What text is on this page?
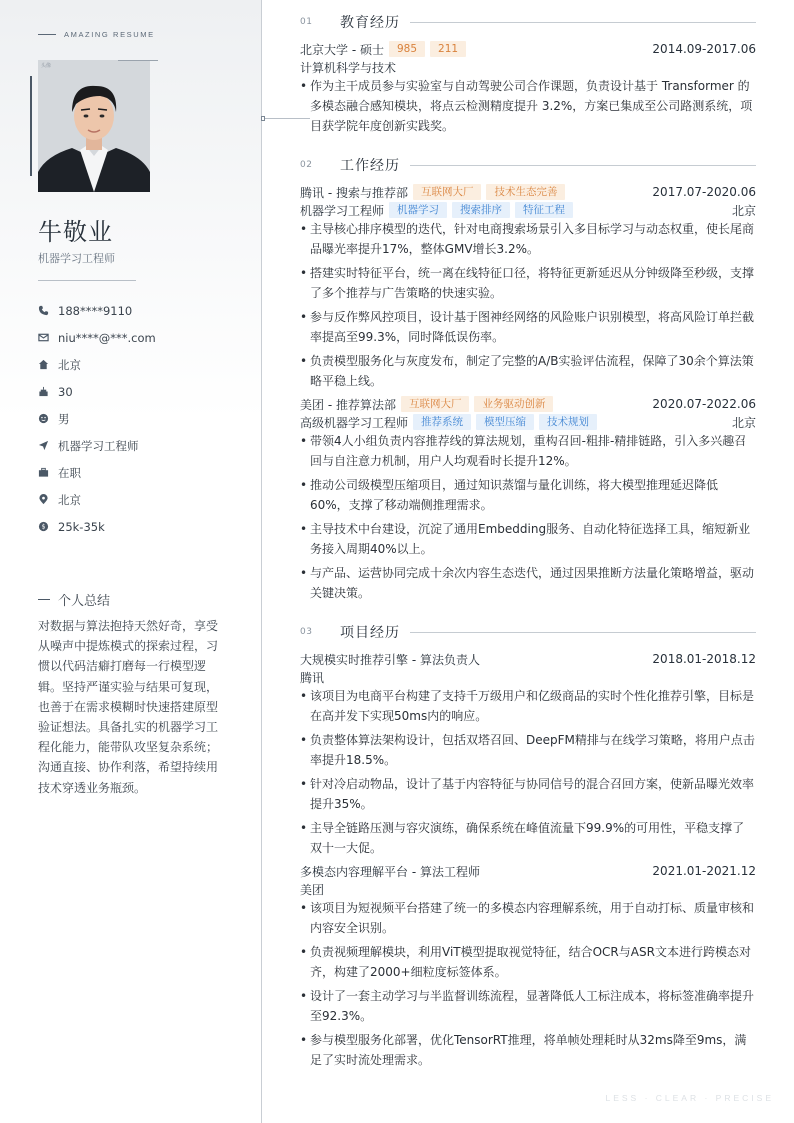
AMAZING RESUME
头像
牛敬业
机器学习工程师
188****9110
niu****@***.com
北京
30
男
机器学习工程师
在职
北京
$ 25k-35k
个人总结
对数据与算法抱持天然好奇，享受从噪声中提炼模式的探索过程，习惯以代码洁癖打磨每一行模型逻辑。坚持严谨实验与结果可复现，也善于在需求模糊时快速搭建原型验证想法。具备扎实的机器学习工程化能力，能带队攻坚复杂系统；沟通直接、协作利落，希望持续用技术穿透业务瓶颈。
01	教育经历
北京大学 - 硕士	985	211	2014.09-2017.06
计算机科学与技术
• 作为主干成员参与实验室与自动驾驶公司合作课题，负责设计基于 Transformer 的多模态融合感知模块，将点云检测精度提升 3.2%，方案已集成至公司路测系统，项目获学院年度创新实践奖。
02	工作经历
腾讯 - 搜索与推荐部	互联网大厂	技术生态完善	2017.07-2020.06
机器学习工程师	机器学习	搜索排序	特征工程	北京
• 主导核心排序模型的迭代，针对电商搜索场景引入多目标学习与动态权重，使长尾商品曝光率提升17%，整体GMV增长3.2%。
• 搭建实时特征平台，统一离在线特征口径，将特征更新延迟从分钟级降至秒级，支撑了多个推荐与广告策略的快速实验。
• 参与反作弊风控项目，设计基于图神经网络的风险账户识别模型，将高风险订单拦截率提高至99.3%，同时降低误伤率。
• 负责模型服务化与灰度发布，制定了完整的A/B实验评估流程，保障了30余个算法策略平稳上线。
美团 - 推荐算法部	互联网大厂	业务驱动创新	2020.07-2022.06
高级机器学习工程师	推荐系统	模型压缩	技术规划	北京
• 带领4人小组负责内容推荐线的算法规划，重构召回-粗排-精排链路，引入多兴趣召回与自注意力机制，用户人均观看时长提升12%。
• 推动公司级模型压缩项目，通过知识蒸馏与量化训练，将大模型推理延迟降低60%，支撑了移动端侧推理需求。
• 主导技术中台建设，沉淀了通用Embedding服务、自动化特征选择工具，缩短新业务接入周期40%以上。
• 与产品、运营协同完成十余次内容生态迭代，通过因果推断方法量化策略增益，驱动关键决策。
03	项目经历
大规模实时推荐引擎 - 算法负责人	2018.01-2018.12
腾讯
• 该项目为电商平台构建了支持千万级用户和亿级商品的实时个性化推荐引擎，目标是在高并发下实现50ms内的响应。
• 负责整体算法架构设计，包括双塔召回、DeepFM精排与在线学习策略，将用户点击率提升18.5%。
• 针对冷启动物品，设计了基于内容特征与协同信号的混合召回方案，使新品曝光效率提升35%。
• 主导全链路压测与容灾演练，确保系统在峰值流量下99.9%的可用性，平稳支撑了双十一大促。
多模态内容理解平台 - 算法工程师	2021.01-2021.12
美团
• 该项目为短视频平台搭建了统一的多模态内容理解系统，用于自动打标、质量审核和内容安全识别。
• 负责视频理解模块，利用ViT模型提取视觉特征，结合OCR与ASR文本进行跨模态对齐，构建了2000+细粒度标签体系。
• 设计了一套主动学习与半监督训练流程，显著降低人工标注成本，将标签准确率提升至92.3%。
• 参与模型服务化部署，优化TensorRT推理，将单帧处理耗时从32ms降至9ms，满足了实时流处理需求。
LESS · CLEAR · PRECISE
